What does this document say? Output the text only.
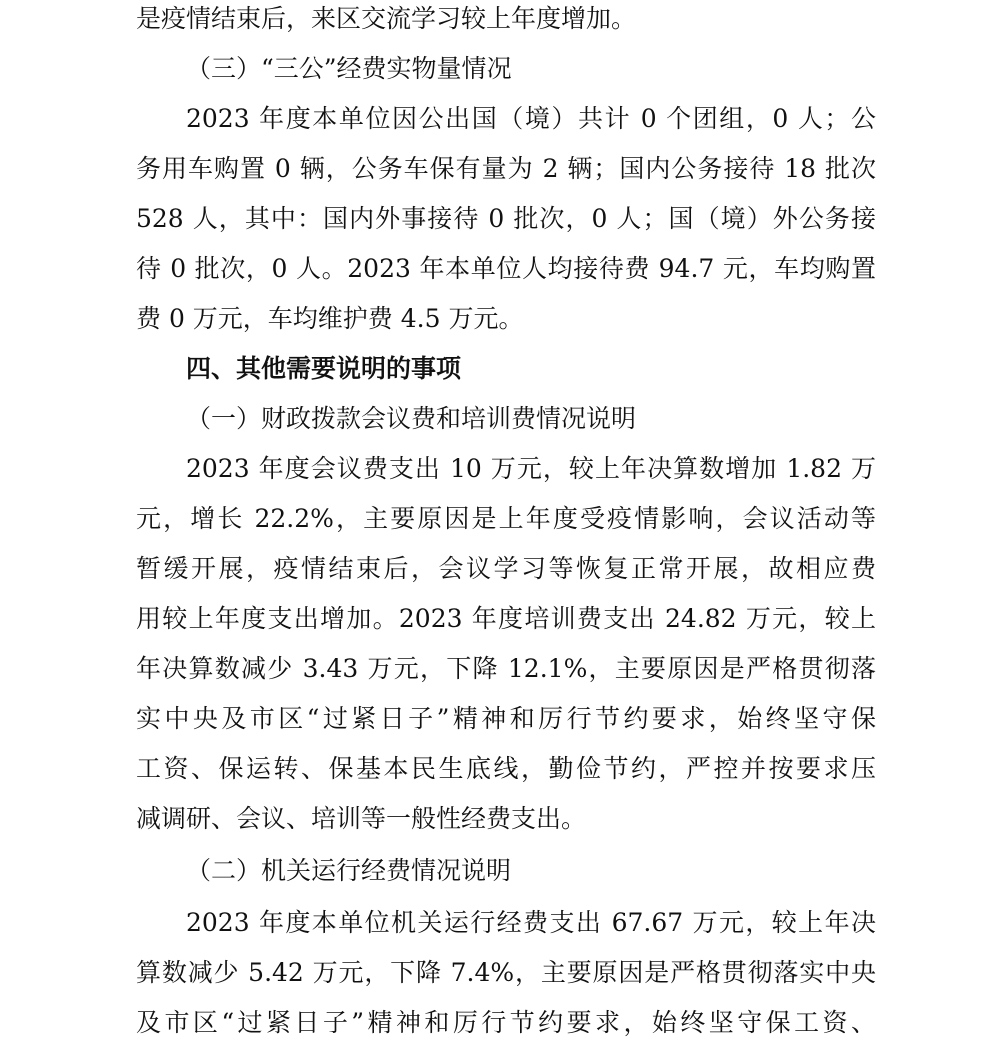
是疫情结束后，来区交流学习较上年度增加。
（三）“三公”经费实物量情况
2023 年度本单位因公出国（境）共计 0 个团组，0 人；公
务用车购置 0 辆，公务车保有量为 2 辆；国内公务接待 18 批次
528 人，其中：国内外事接待 0 批次，0 人；国（境）外公务接
待 0 批次，0 人。2023 年本单位人均接待费 94.7 元，车均购置
费 0 万元，车均维护费 4.5 万元。
四、其他需要说明的事项
（一）财政拨款会议费和培训费情况说明
2023 年度会议费支出 10 万元，较上年决算数增加 1.82 万
元，增长 22.2%，主要原因是上年度受疫情影响，会议活动等
暂缓开展，疫情结束后，会议学习等恢复正常开展，故相应费
用较上年度支出增加。2023 年度培训费支出 24.82 万元，较上
年决算数减少 3.43 万元，下降 12.1%，主要原因是严格贯彻落
实中央及市区“过紧日子”精神和厉行节约要求，始终坚守保
工资、保运转、保基本民生底线，勤俭节约，严控并按要求压
减调研、会议、培训等一般性经费支出。
（二）机关运行经费情况说明
2023 年度本单位机关运行经费支出 67.67 万元，较上年决
算数减少 5.42 万元，下降 7.4%，主要原因是严格贯彻落实中央
及市区“过紧日子”精神和厉行节约要求，始终坚守保工资、
